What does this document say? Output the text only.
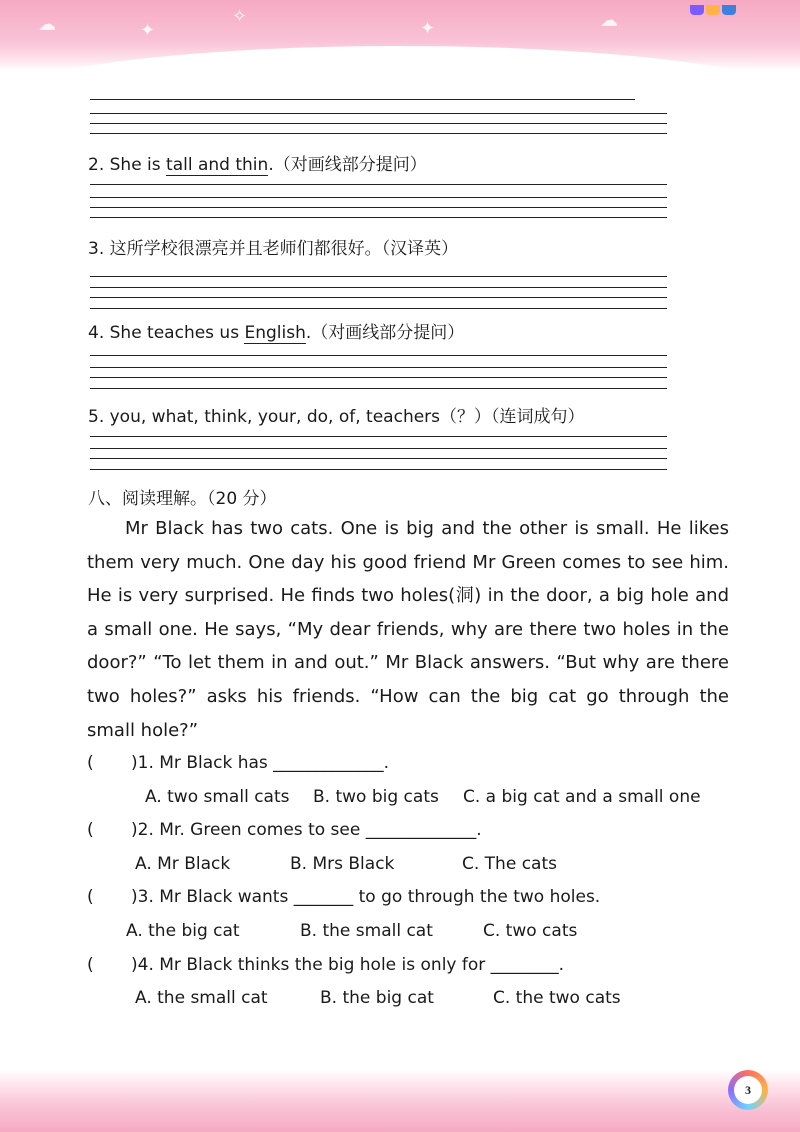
☁	✦
✧
✦	☁
2. She is tall and thin.（对画线部分提问）
3. 这所学校很漂亮并且老师们都很好。（汉译英）
4. She teaches us English.（对画线部分提问）
5. you, what, think, your, do, of, teachers（？）（连词成句）
八、阅读理解。（20 分）
Mr Black has two cats. One is big and the other is small. He likes them very much. One day his good friend Mr Green comes to see him. He is very surprised. He finds two holes(洞) in the door, a big hole and a small one. He says, “My dear friends, why are there two holes in the door?” “To let them in and out.” Mr Black answers. “But why are there two holes?” asks his friends. “How can the big cat go through the small hole?”
( )1. Mr Black has _____________.
A. two small cats B. two big cats C. a big cat and a small one
( )2. Mr. Green comes to see _____________.
A. Mr Black	B. Mrs Black	C. The cats
( )3. Mr Black wants _______ to go through the two holes.
A. the big cat	B. the small cat	C. two cats
( )4. Mr Black thinks the big hole is only for ________.
A. the small cat	B. the big cat	C. the two cats
3
